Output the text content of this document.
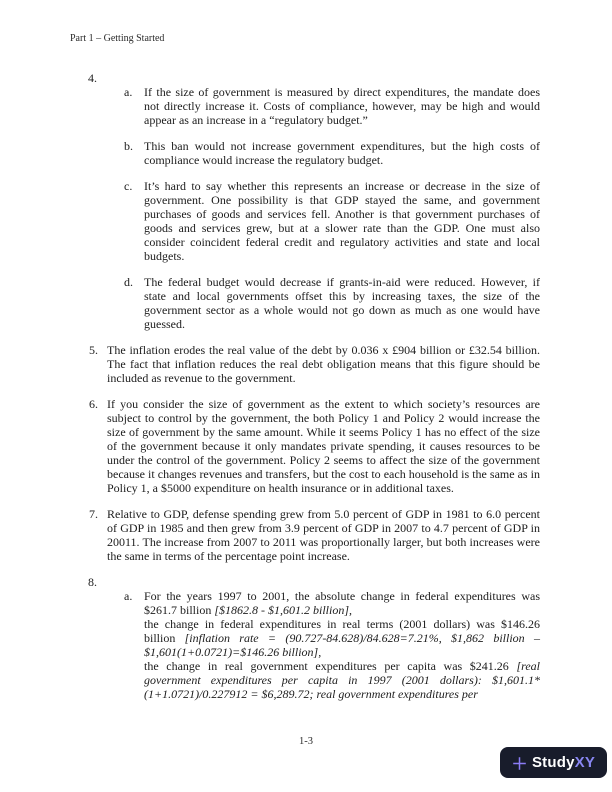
Part 1 – Getting Started
4.
a. If the size of government is measured by direct expenditures, the mandate does not directly increase it. Costs of compliance, however, may be high and would appear as an increase in a “regulatory budget.”
b. This ban would not increase government expenditures, but the high costs of compliance would increase the regulatory budget.
c. It’s hard to say whether this represents an increase or decrease in the size of government. One possibility is that GDP stayed the same, and government purchases of goods and services fell. Another is that government purchases of goods and services grew, but at a slower rate than the GDP. One must also consider coincident federal credit and regulatory activities and state and local budgets.
d. The federal budget would decrease if grants-in-aid were reduced. However, if state and local governments offset this by increasing taxes, the size of the government sector as a whole would not go down as much as one would have guessed.
5. The inflation erodes the real value of the debt by 0.036 x £904 billion or £32.54 billion. The fact that inflation reduces the real debt obligation means that this figure should be included as revenue to the government.
6. If you consider the size of government as the extent to which society’s resources are subject to control by the government, the both Policy 1 and Policy 2 would increase the size of government by the same amount. While it seems Policy 1 has no effect of the size of the government because it only mandates private spending, it causes resources to be under the control of the government. Policy 2 seems to affect the size of the government because it changes revenues and transfers, but the cost to each household is the same as in Policy 1, a $5000 expenditure on health insurance or in additional taxes.
7. Relative to GDP, defense spending grew from 5.0 percent of GDP in 1981 to 6.0 percent of GDP in 1985 and then grew from 3.9 percent of GDP in 2007 to 4.7 percent of GDP in 20011. The increase from 2007 to 2011 was proportionally larger, but both increases were the same in terms of the percentage point increase.
8.
a. For the years 1997 to 2001, the absolute change in federal expenditures was $261.7 billion [$1862.8 - $1,601.2 billion],

the change in federal expenditures in real terms (2001 dollars) was $146.26 billion [inflation rate = (90.727-84.628)/84.628=7.21%, $1,862 billion – $1,601(1+0.0721)=$146.26 billion],

the change in real government expenditures per capita was $241.26 [real government expenditures per capita in 1997 (2001 dollars): $1,601.1*(1+1.0721)/0.227912 = $6,289.72; real government expenditures per

1-3
StudyXY
